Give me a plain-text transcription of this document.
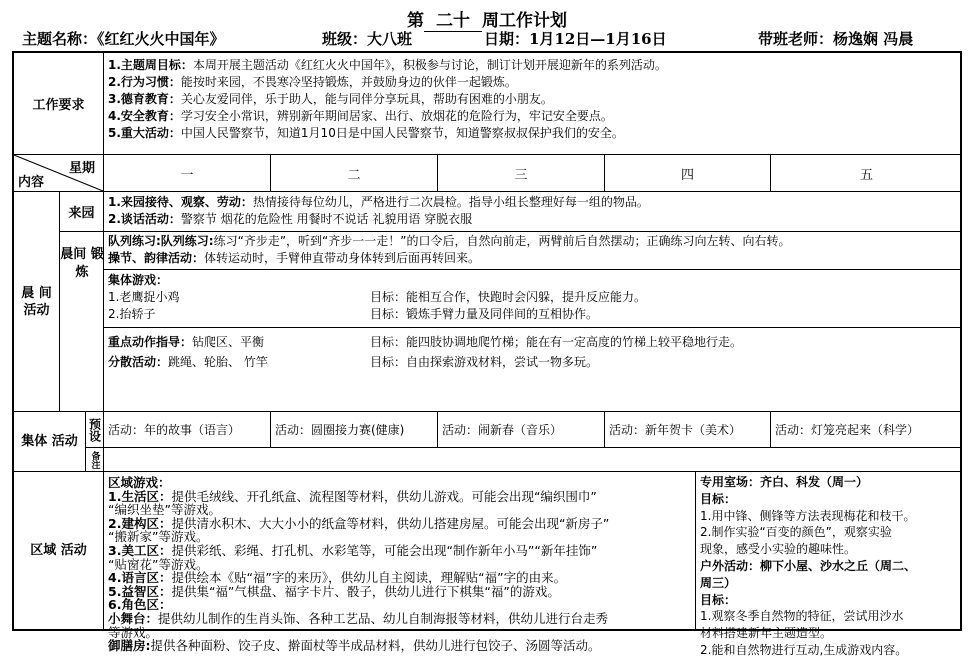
第 二十 周工作计划
主题名称：《红红火火中国年》	班级：大八班	日期：1月12日—1月16日	带班老师：杨逸娴 冯晨
工作要求
1.主题周目标：本周开展主题活动《红红火火中国年》，积极参与讨论，制订计划开展迎新年的系列活动。
2.行为习惯：能按时来园，不畏寒冷坚持锻炼，并鼓励身边的伙伴一起锻炼。
3.德育教育：关心友爱同伴，乐于助人，能与同伴分享玩具，帮助有困难的小朋友。
4.安全教育：学习安全小常识，辨别新年期间居家、出行、放烟花的危险行为，牢记安全要点。
5.重大活动：中国人民警察节，知道1月10日是中国人民警察节，知道警察叔叔保护我们的安全。
星期
内容	一	二	三	四	五
晨 间 活动
来园
1.来园接待、观察、劳动：热情接待每位幼儿，严格进行二次晨检。指导小组长整理好每一组的物品。
2.谈话活动：警察节 烟花的危险性 用餐时不说话 礼貌用语 穿脱衣服
晨间 锻炼
队列练习:队列练习:练习“齐步走”，听到“齐步一一走！”的口令后，自然向前走，两臂前后自然摆动；正确练习向左转、向右转。
操节、韵律活动：体转运动时，手臂伸直带动身体转到后面再转回来。
集体游戏：
1.老鹰捉小鸡	目标：能相互合作，快跑时会闪躲，提升反应能力。
2.抬轿子	目标：锻炼手臂力量及同伴间的互相协作。
重点动作指导：钻爬区、平衡	目标：能四肢协调地爬竹梯；能在有一定高度的竹梯上较平稳地行走。
分散活动：跳绳、轮胎、 竹竿	目标：自由探索游戏材料，尝试一物多玩。
集体 活动 预设
备注
活动：年的故事（语言）	活动：圆圈接力赛(健康)	活动：闹新春（音乐）	活动：新年贺卡（美术）	活动：灯笼亮起来（科学）
区域 活动
区域游戏：
1.生活区：提供毛绒线、开孔纸盒、流程图等材料，供幼儿游戏。可能会出现“编织围巾”
“编织坐垫”等游戏。
2.建构区：提供清水积木、大大小小的纸盒等材料，供幼儿搭建房屋。可能会出现“新房子”
“搬新家”等游戏。
3.美工区：提供彩纸、彩绳、打孔机、水彩笔等，可能会出现“制作新年小马”“新年挂饰”
“贴窗花”等游戏。
4.语言区：提供绘本《贴“福”字的来历》，供幼儿自主阅读，理解贴“福”字的由来。
5.益智区：提供集“福”气棋盘、福字卡片、骰子，供幼儿进行下棋集“福”的游戏。
6.角色区：
小舞台：提供幼儿制作的生肖头饰、各种工艺品、幼儿自制海报等材料，供幼儿进行台走秀
等游戏。
御膳房:提供各种面粉、饺子皮、擀面杖等半成品材料，供幼儿进行包饺子、汤圆等活动。
专用室场：齐白、科发（周一）
目标：
1.用中锋、侧锋等方法表现梅花和枝干。
2.制作实验“百变的颜色”，观察实验
现象，感受小实验的趣味性。
户外活动：柳下小屋、沙水之丘（周二、
周三）
目标：
1.观察冬季自然物的特征，尝试用沙水
材料搭建新年主题造型。
2.能和自然物进行互动,生成游戏内容。
